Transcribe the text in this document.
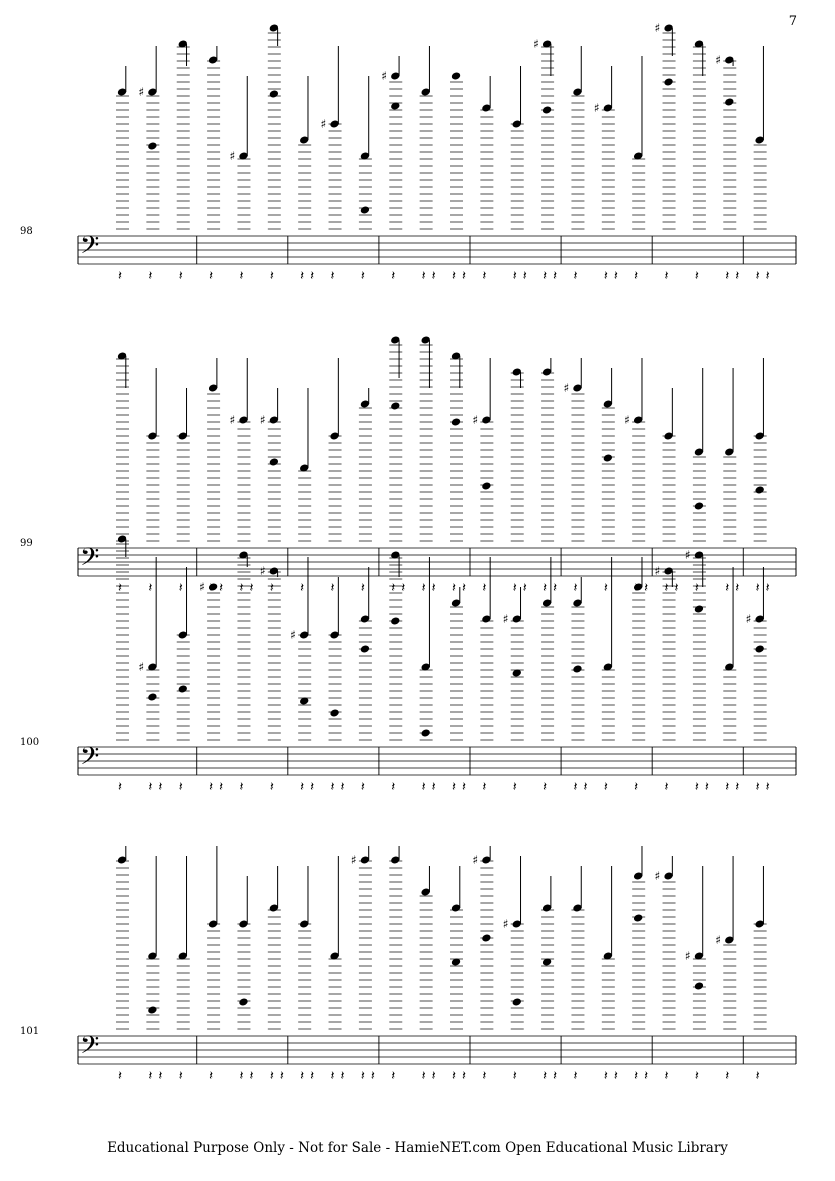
7
𝄢
98
𝄽
♯
𝄽 𝄽 𝄽
♯
𝄽 𝄽 𝄽 𝄽
♯
𝄽 𝄽
♯
𝄽 𝄽 𝄽 𝄽 𝄽 𝄽 𝄽 𝄽
♯
𝄽 𝄽 𝄽
♯
𝄽 𝄽 𝄽
♯
𝄽 𝄽
♯
𝄽 𝄽 𝄽 𝄽
𝄢
99
𝄽 𝄽 𝄽	𝄽
♯
𝄽 𝄽
♯
𝄽 𝄽 𝄽 𝄽 𝄽 𝄽 𝄽 𝄽 𝄽 𝄽
♯
𝄽 𝄽 𝄽 𝄽 𝄽
♯
𝄽 𝄽
♯
𝄽 𝄽 𝄽 𝄽 𝄽 𝄽 𝄽 𝄽
𝄢
100
𝄽
♯
𝄽 𝄽 𝄽
♯
𝄽 𝄽 𝄽
♯
𝄽
♯
𝄽 𝄽 𝄽 𝄽 𝄽 𝄽 𝄽 𝄽 𝄽 𝄽 𝄽
♯
𝄽 𝄽 𝄽 𝄽 𝄽 𝄽
♯
𝄽
♯
𝄽 𝄽 𝄽 𝄽
♯
𝄽 𝄽
𝄢
101
𝄽 𝄽 𝄽 𝄽 𝄽 𝄽 𝄽 𝄽 𝄽 𝄽 𝄽 𝄽 𝄽
♯
𝄽 𝄽 𝄽 𝄽 𝄽 𝄽 𝄽
♯
𝄽
♯
𝄽 𝄽 𝄽 𝄽 𝄽 𝄽 𝄽 𝄽
♯
𝄽
♯
𝄽
♯
𝄽 𝄽
Educational Purpose Only - Not for Sale - HamieNET.com Open Educational Music Library
